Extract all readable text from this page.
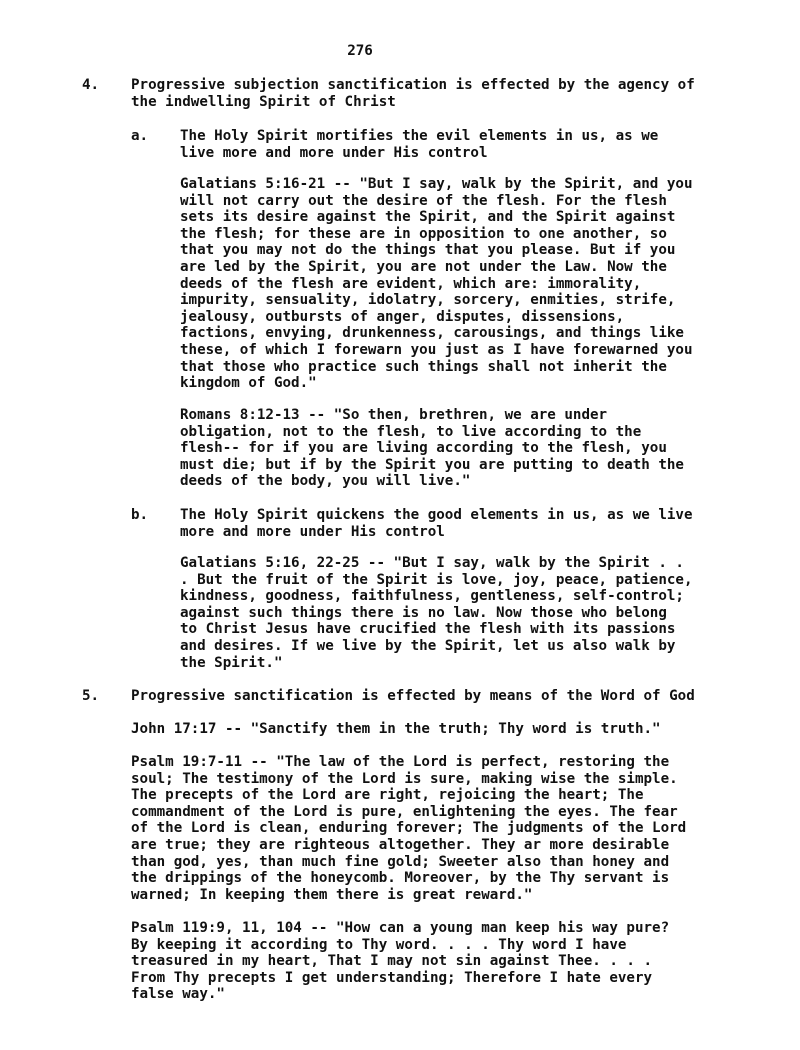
276
4. Progressive subjection sanctification is effected by the agency of
the indwelling Spirit of Christ
a. The Holy Spirit mortifies the evil elements in us, as we
live more and more under His control
Galatians 5:16-21 -- "But I say, walk by the Spirit, and you
will not carry out the desire of the flesh. For the flesh
sets its desire against the Spirit, and the Spirit against
the flesh; for these are in opposition to one another, so
that you may not do the things that you please. But if you
are led by the Spirit, you are not under the Law. Now the
deeds of the flesh are evident, which are: immorality,
impurity, sensuality, idolatry, sorcery, enmities, strife,
jealousy, outbursts of anger, disputes, dissensions,
factions, envying, drunkenness, carousings, and things like
these, of which I forewarn you just as I have forewarned you
that those who practice such things shall not inherit the
kingdom of God."
Romans 8:12-13 -- "So then, brethren, we are under
obligation, not to the flesh, to live according to the
flesh-- for if you are living according to the flesh, you
must die; but if by the Spirit you are putting to death the
deeds of the body, you will live."
b. The Holy Spirit quickens the good elements in us, as we live
more and more under His control
Galatians 5:16, 22-25 -- "But I say, walk by the Spirit . .
. But the fruit of the Spirit is love, joy, peace, patience,
kindness, goodness, faithfulness, gentleness, self-control;
against such things there is no law. Now those who belong
to Christ Jesus have crucified the flesh with its passions
and desires. If we live by the Spirit, let us also walk by
the Spirit."
5. Progressive sanctification is effected by means of the Word of God
John 17:17 -- "Sanctify them in the truth; Thy word is truth."
Psalm 19:7-11 -- "The law of the Lord is perfect, restoring the
soul; The testimony of the Lord is sure, making wise the simple.
The precepts of the Lord are right, rejoicing the heart; The
commandment of the Lord is pure, enlightening the eyes. The fear
of the Lord is clean, enduring forever; The judgments of the Lord
are true; they are righteous altogether. They ar more desirable
than god, yes, than much fine gold; Sweeter also than honey and
the drippings of the honeycomb. Moreover, by the Thy servant is
warned; In keeping them there is great reward."
Psalm 119:9, 11, 104 -- "How can a young man keep his way pure?
By keeping it according to Thy word. . . . Thy word I have
treasured in my heart, That I may not sin against Thee. . . .
From Thy precepts I get understanding; Therefore I hate every
false way."
